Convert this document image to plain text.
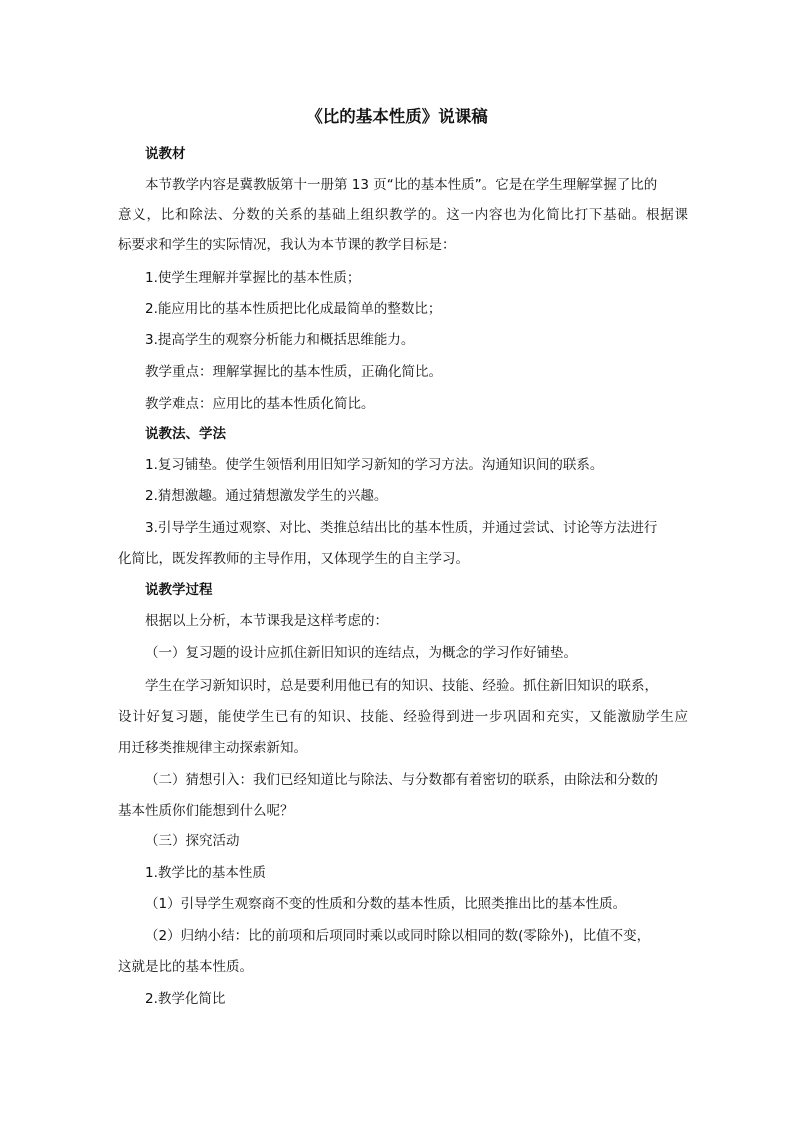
《比的基本性质》说课稿
说教材
本节教学内容是冀教版第十一册第 13 页“比的基本性质”。它是在学生理解掌握了比的
意义，比和除法、分数的关系的基础上组织教学的。这一内容也为化简比打下基础。根据课
标要求和学生的实际情况，我认为本节课的教学目标是：
1.使学生理解并掌握比的基本性质；
2.能应用比的基本性质把比化成最简单的整数比；
3.提高学生的观察分析能力和概括思维能力。
教学重点：理解掌握比的基本性质，正确化简比。
教学难点：应用比的基本性质化简比。
说教法、学法
1.复习铺垫。使学生领悟利用旧知学习新知的学习方法。沟通知识间的联系。
2.猜想激趣。通过猜想激发学生的兴趣。
3.引导学生通过观察、对比、类推总结出比的基本性质，并通过尝试、讨论等方法进行
化简比，既发挥教师的主导作用，又体现学生的自主学习。
说教学过程
根据以上分析，本节课我是这样考虑的：
（一）复习题的设计应抓住新旧知识的连结点，为概念的学习作好铺垫。
学生在学习新知识时，总是要利用他已有的知识、技能、经验。抓住新旧知识的联系，
设计好复习题，能使学生已有的知识、技能、经验得到进一步巩固和充实，又能激励学生应
用迁移类推规律主动探索新知。
（二）猜想引入：我们已经知道比与除法、与分数都有着密切的联系，由除法和分数的
基本性质你们能想到什么呢？
（三）探究活动
1.教学比的基本性质
（1）引导学生观察商不变的性质和分数的基本性质，比照类推出比的基本性质。
（2）归纳小结：比的前项和后项同时乘以或同时除以相同的数(零除外)，比值不变，
这就是比的基本性质。
2.教学化简比
